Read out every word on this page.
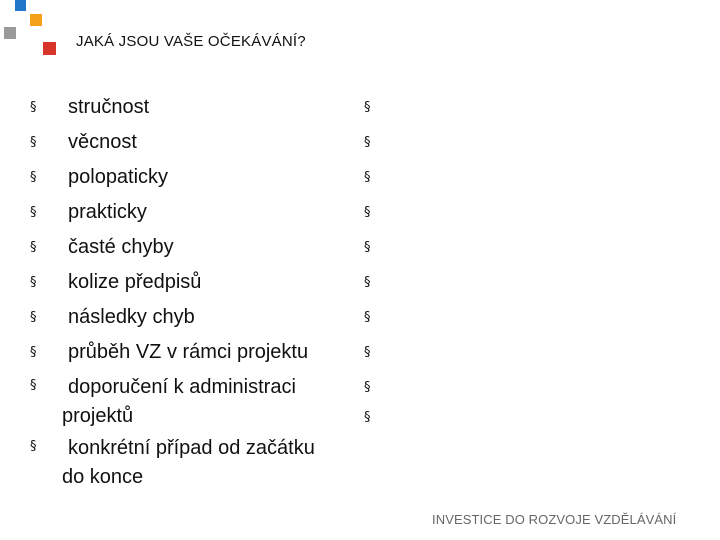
JAKÁ JSOU VAŠE OČEKÁVÁNÍ?
§	stručnost
§	věcnost
§	polopaticky
§	prakticky
§	časté chyby
§	kolize předpisů
§	následky chyb
§	průběh VZ v rámci projektu
§	doporučení k administraci
projektů
§	konkrétní případ od začátku
do konce
§
§
§
§
§
§
§
§
§
§
INVESTICE DO ROZVOJE VZDĚLÁVÁNÍ
